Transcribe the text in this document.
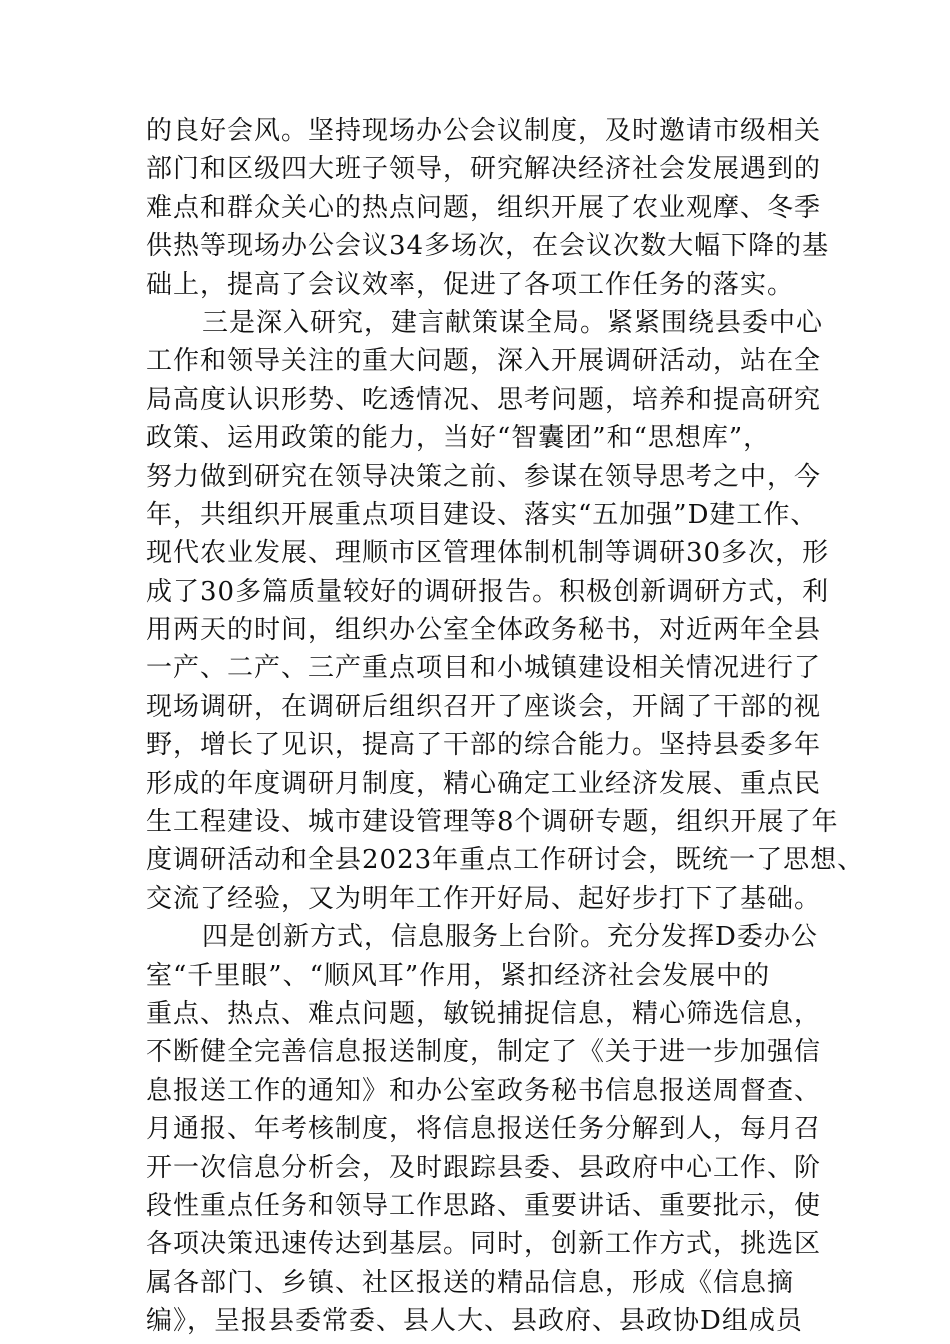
的良好会风。坚持现场办公会议制度，及时邀请市级相关
部门和区级四大班子领导，研究解决经济社会发展遇到的
难点和群众关心的热点问题，组织开展了农业观摩、冬季
供热等现场办公会议34多场次，在会议次数大幅下降的基
础上，提高了会议效率，促进了各项工作任务的落实。
三是深入研究，建言献策谋全局。紧紧围绕县委中心
工作和领导关注的重大问题，深入开展调研活动，站在全
局高度认识形势、吃透情况、思考问题，培养和提高研究
政策、运用政策的能力，当好“智囊团”和“思想库”，
努力做到研究在领导决策之前、参谋在领导思考之中，今
年，共组织开展重点项目建设、落实“五加强”D建工作、
现代农业发展、理顺市区管理体制机制等调研30多次，形
成了30多篇质量较好的调研报告。积极创新调研方式，利
用两天的时间，组织办公室全体政务秘书，对近两年全县
一产、二产、三产重点项目和小城镇建设相关情况进行了
现场调研，在调研后组织召开了座谈会，开阔了干部的视
野，增长了见识，提高了干部的综合能力。坚持县委多年
形成的年度调研月制度，精心确定工业经济发展、重点民
生工程建设、城市建设管理等8个调研专题，组织开展了年
度调研活动和全县2023年重点工作研讨会，既统一了思想、
交流了经验，又为明年工作开好局、起好步打下了基础。
四是创新方式，信息服务上台阶。充分发挥D委办公
室“千里眼”、“顺风耳”作用，紧扣经济社会发展中的
重点、热点、难点问题，敏锐捕捉信息，精心筛选信息，
不断健全完善信息报送制度，制定了《关于进一步加强信
息报送工作的通知》和办公室政务秘书信息报送周督查、
月通报、年考核制度，将信息报送任务分解到人，每月召
开一次信息分析会，及时跟踪县委、县政府中心工作、阶
段性重点任务和领导工作思路、重要讲话、重要批示，使
各项决策迅速传达到基层。同时，创新工作方式，挑选区
属各部门、乡镇、社区报送的精品信息，形成《信息摘
编》，呈报县委常委、县人大、县政府、县政协D组成员
